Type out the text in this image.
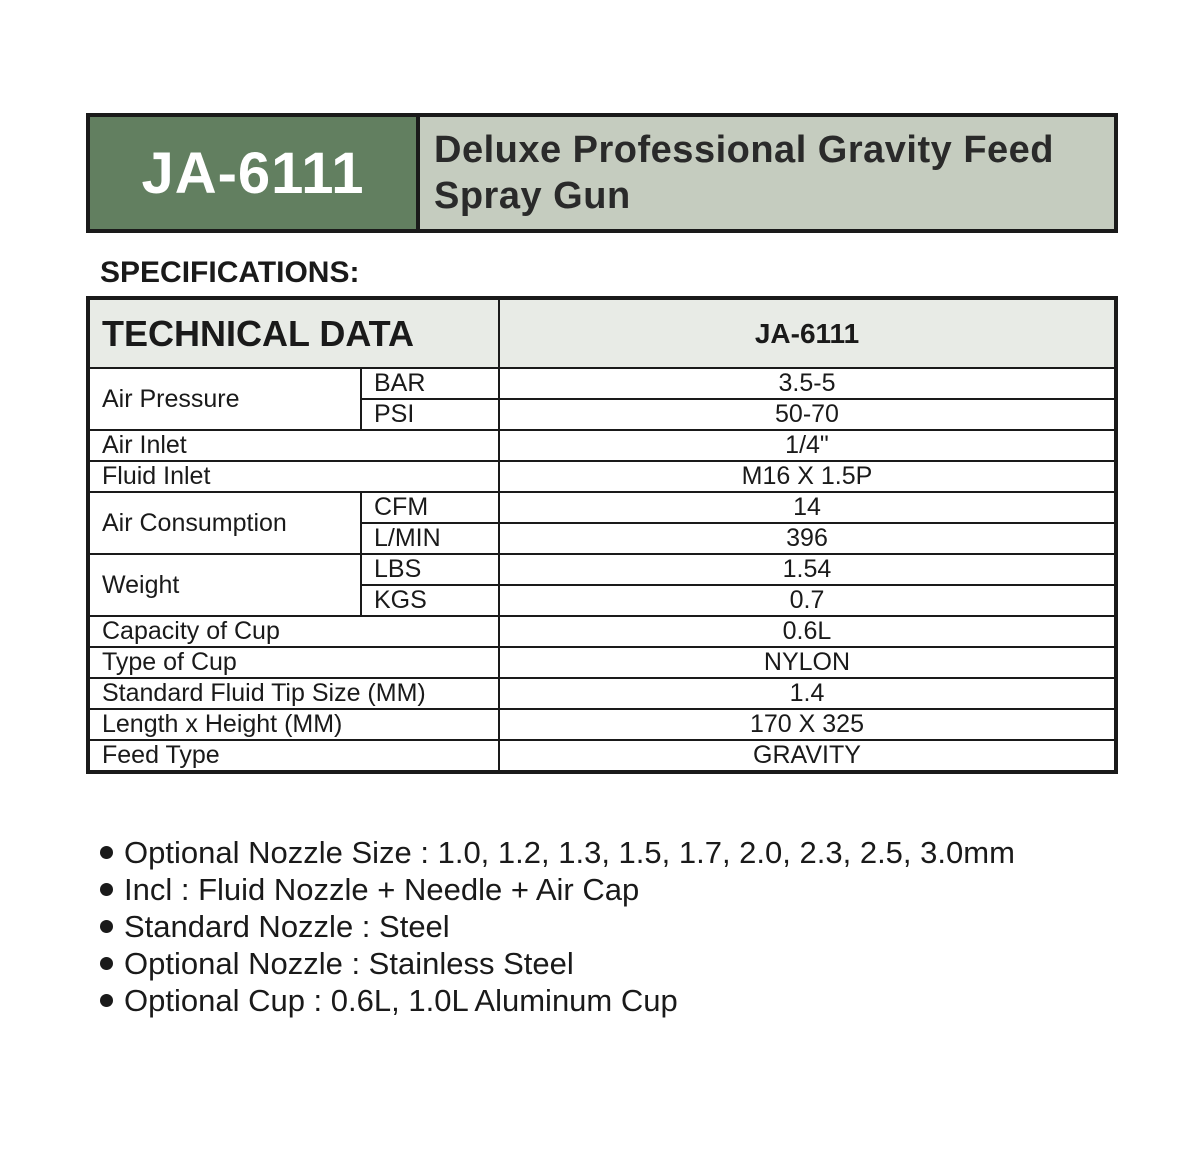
JA-6111	Deluxe Professional Gravity Feed
Spray Gun
SPECIFICATIONS:
TECHNICAL DATA		JA-6111
Air Pressure	BAR	3.5-5
	PSI	50-70
Air Inlet		1/4"
Fluid Inlet		M16 X 1.5P
Air Consumption	CFM	14
	L/MIN	396
Weight	LBS	1.54
	KGS	0.7
Capacity of Cup		0.6L
Type of Cup		NYLON
Standard Fluid Tip Size (MM)		1.4
Length x Height (MM)		170 X 325
Feed Type		GRAVITY
Optional Nozzle Size : 1.0, 1.2, 1.3, 1.5, 1.7, 2.0, 2.3, 2.5, 3.0mm
Incl : Fluid Nozzle + Needle + Air Cap
Standard Nozzle : Steel
Optional Nozzle : Stainless Steel
Optional Cup : 0.6L, 1.0L Aluminum Cup
